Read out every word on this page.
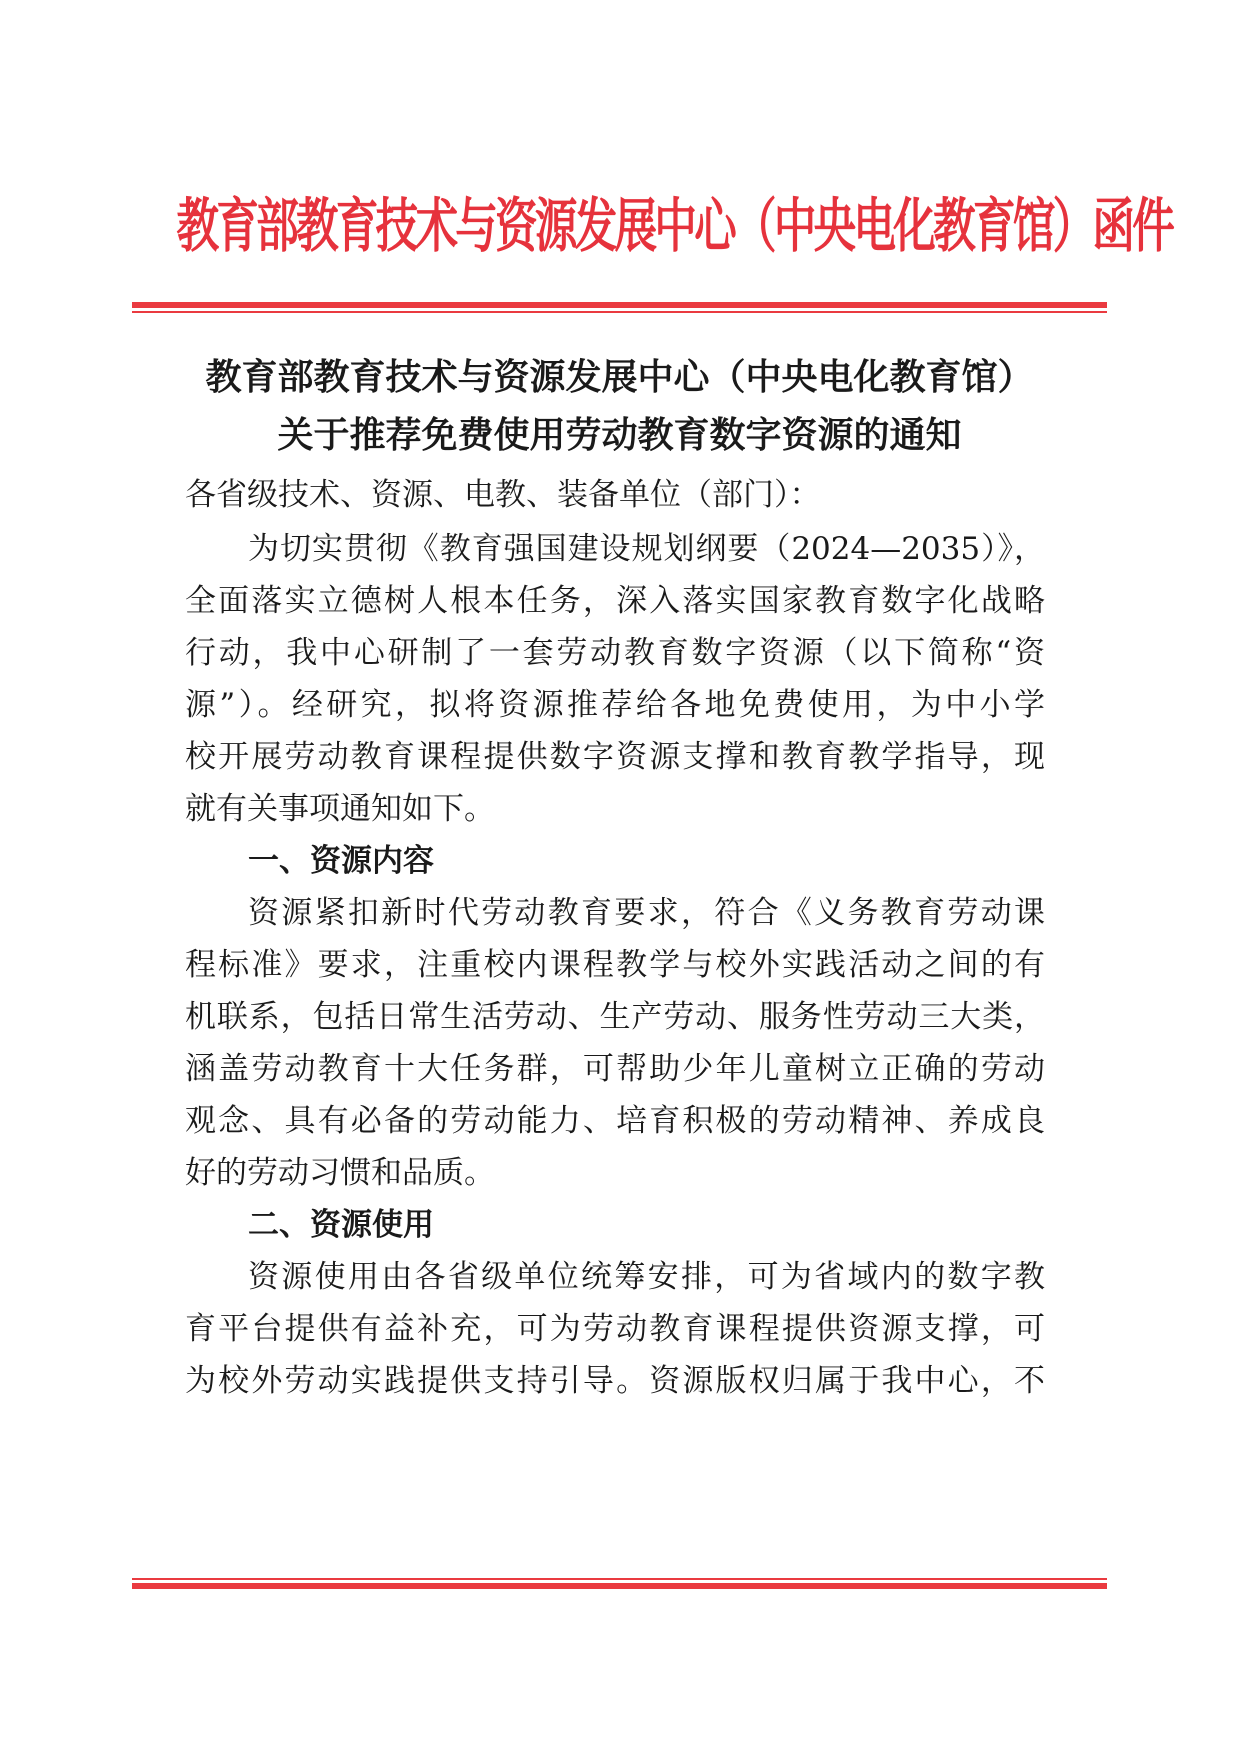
教育部教育技术与资源发展中心（中央电化教育馆）函件
教育部教育技术与资源发展中心（中央电化教育馆）
关于推荐免费使用劳动教育数字资源的通知
各省级技术、资源、电教、装备单位（部门）：
为切实贯彻《教育强国建设规划纲要（2024—2035）》，
全面落实立德树人根本任务，深入落实国家教育数字化战略
行动，我中心研制了一套劳动教育数字资源（以下简称“资
源”）。经研究，拟将资源推荐给各地免费使用，为中小学
校开展劳动教育课程提供数字资源支撑和教育教学指导，现
就有关事项通知如下。
一、资源内容
资源紧扣新时代劳动教育要求，符合《义务教育劳动课
程标准》要求，注重校内课程教学与校外实践活动之间的有
机联系，包括日常生活劳动、生产劳动、服务性劳动三大类，
涵盖劳动教育十大任务群，可帮助少年儿童树立正确的劳动
观念、具有必备的劳动能力、培育积极的劳动精神、养成良
好的劳动习惯和品质。
二、资源使用
资源使用由各省级单位统筹安排，可为省域内的数字教
育平台提供有益补充，可为劳动教育课程提供资源支撑，可
为校外劳动实践提供支持引导。资源版权归属于我中心，不
